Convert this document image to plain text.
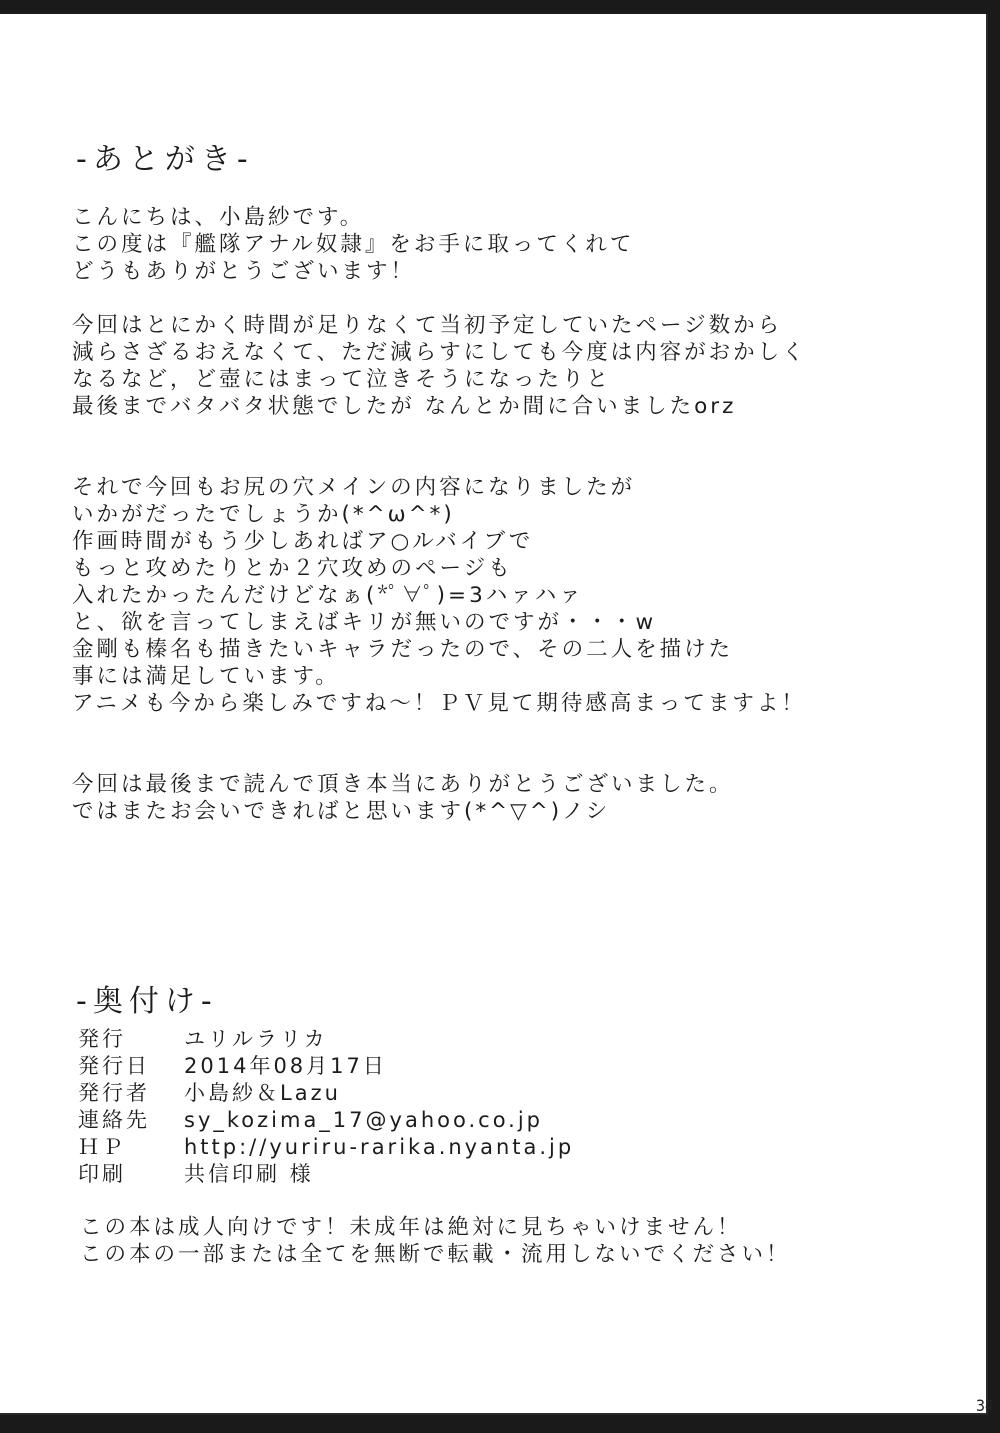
-あとがき-
こんにちは、小島紗です。
この度は『艦隊アナル奴隷』をお手に取ってくれて
どうもありがとうございます！
今回はとにかく時間が足りなくて当初予定していたページ数から
減らさざるおえなくて、ただ減らすにしても今度は内容がおかしく
なるなど，ど壺にはまって泣きそうになったりと
最後までバタバタ状態でしたが なんとか間に合いましたorz
それで今回もお尻の穴メインの内容になりましたが
いかがだったでしょうか(*^ω^*)
作画時間がもう少しあればア○ルバイブで
もっと攻めたりとか２穴攻めのページも
入れたかったんだけどなぁ(*ﾟ∀ﾟ)=3ハァハァ
と、欲を言ってしまえばキリが無いのですが・・・w
金剛も榛名も描きたいキャラだったので、その二人を描けた
事には満足しています。
アニメも今から楽しみですね～！ＰＶ見て期待感高まってますよ！
今回は最後まで読んで頂き本当にありがとうございました。
ではまたお会いできればと思います(*^▽^)ノシ
-奥付け-
発行	ユリルラリカ
発行日 2014年08月17日
発行者 小島紗＆Lazu
連絡先 sy_kozima_17@yahoo.co.jp
ＨＰ	http://yuriru-rarika.nyanta.jp
印刷	共信印刷 様
この本は成人向けです！未成年は絶対に見ちゃいけません！
この本の一部または全てを無断で転載・流用しないでください！
34
